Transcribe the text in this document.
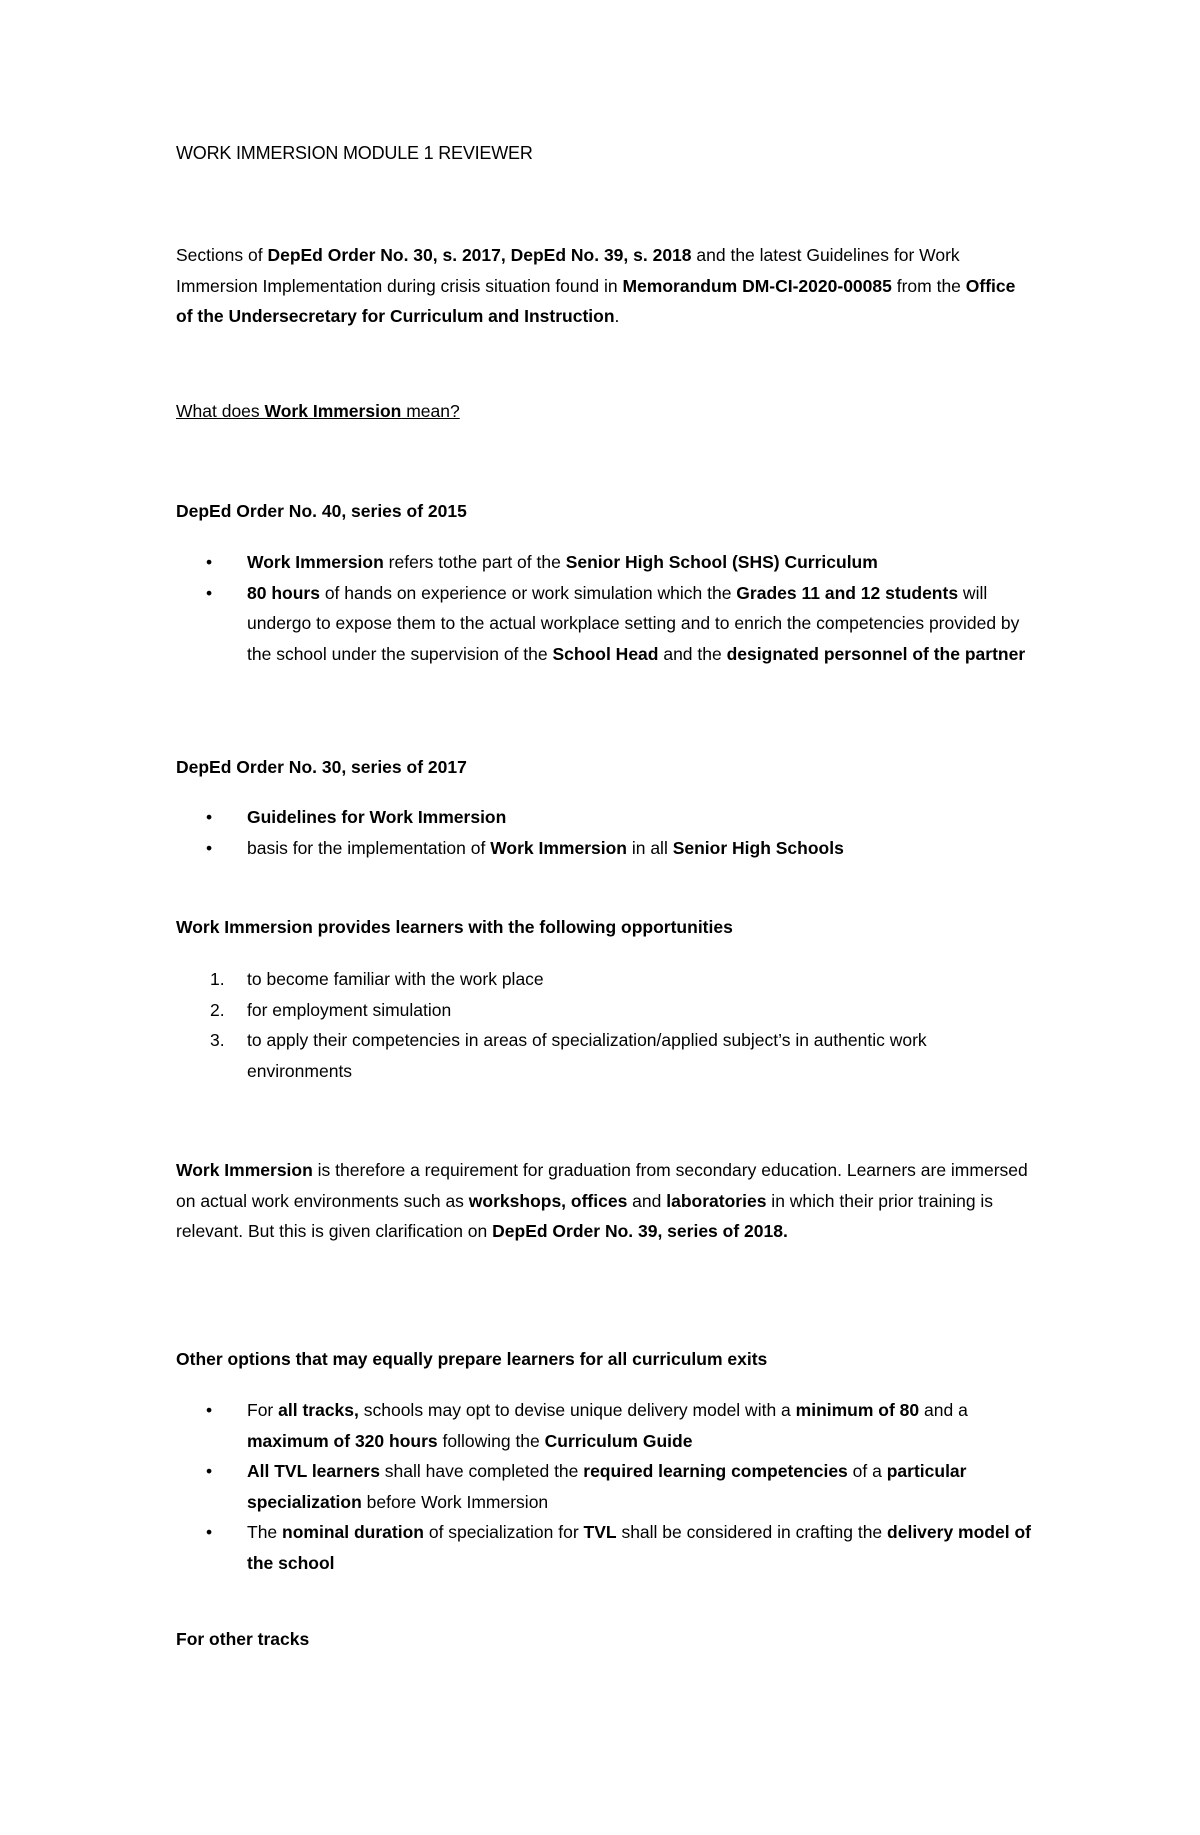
WORK IMMERSION MODULE 1 REVIEWER
Sections of DepEd Order No. 30, s. 2017, DepEd No. 39, s. 2018 and the latest Guidelines for Work Immersion Implementation during crisis situation found in Memorandum DM-CI-2020-00085 from the Office of the Undersecretary for Curriculum and Instruction.
What does Work Immersion mean?
DepEd Order No. 40, series of 2015
• Work Immersion refers tothe part of the Senior High School (SHS) Curriculum
• 80 hours of hands on experience or work simulation which the Grades 11 and 12 students will undergo to expose them to the actual workplace setting and to enrich the competencies provided by the school under the supervision of the School Head and the designated personnel of the partner
DepEd Order No. 30, series of 2017
• Guidelines for Work Immersion
• basis for the implementation of Work Immersion in all Senior High Schools
Work Immersion provides learners with the following opportunities
1. to become familiar with the work place
2. for employment simulation
3. to apply their competencies in areas of specialization/applied subject’s in authentic work environments
Work Immersion is therefore a requirement for graduation from secondary education. Learners are immersed on actual work environments such as workshops, offices and laboratories in which their prior training is relevant. But this is given clarification on DepEd Order No. 39, series of 2018.
Other options that may equally prepare learners for all curriculum exits
• For all tracks, schools may opt to devise unique delivery model with a minimum of 80 and a maximum of 320 hours following the Curriculum Guide
• All TVL learners shall have completed the required learning competencies of a particular specialization before Work Immersion
• The nominal duration of specialization for TVL shall be considered in crafting the delivery model of the school
For other tracks
